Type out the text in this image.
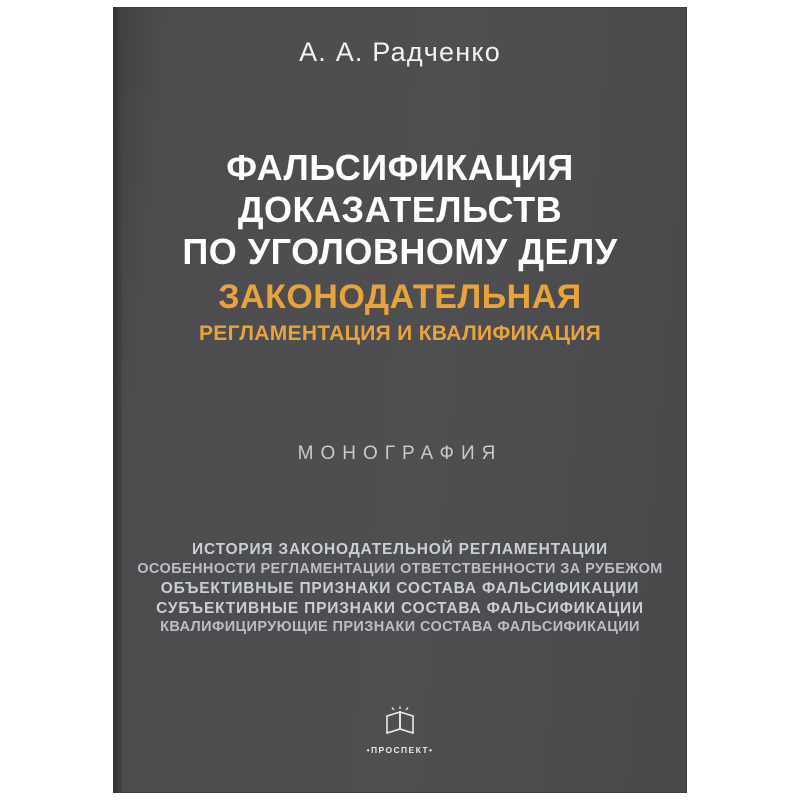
А. А. Радченко
ФАЛЬСИФИКАЦИЯ
ДОКАЗАТЕЛЬСТВ
ПО УГОЛОВНОМУ ДЕЛУ
ЗАКОНОДАТЕЛЬНАЯ
РЕГЛАМЕНТАЦИЯ И КВАЛИФИКАЦИЯ
МОНОГРАФИЯ
ИСТОРИЯ ЗАКОНОДАТЕЛЬНОЙ РЕГЛАМЕНТАЦИИ
ОСОБЕННОСТИ РЕГЛАМЕНТАЦИИ ОТВЕТСТВЕННОСТИ ЗА РУБЕЖОМ
ОБЪЕКТИВНЫЕ ПРИЗНАКИ СОСТАВА ФАЛЬСИФИКАЦИИ
СУБЪЕКТИВНЫЕ ПРИЗНАКИ СОСТАВА ФАЛЬСИФИКАЦИИ
КВАЛИФИЦИРУЮЩИЕ ПРИЗНАКИ СОСТАВА ФАЛЬСИФИКАЦИИ
•ПРОСПЕКТ•
